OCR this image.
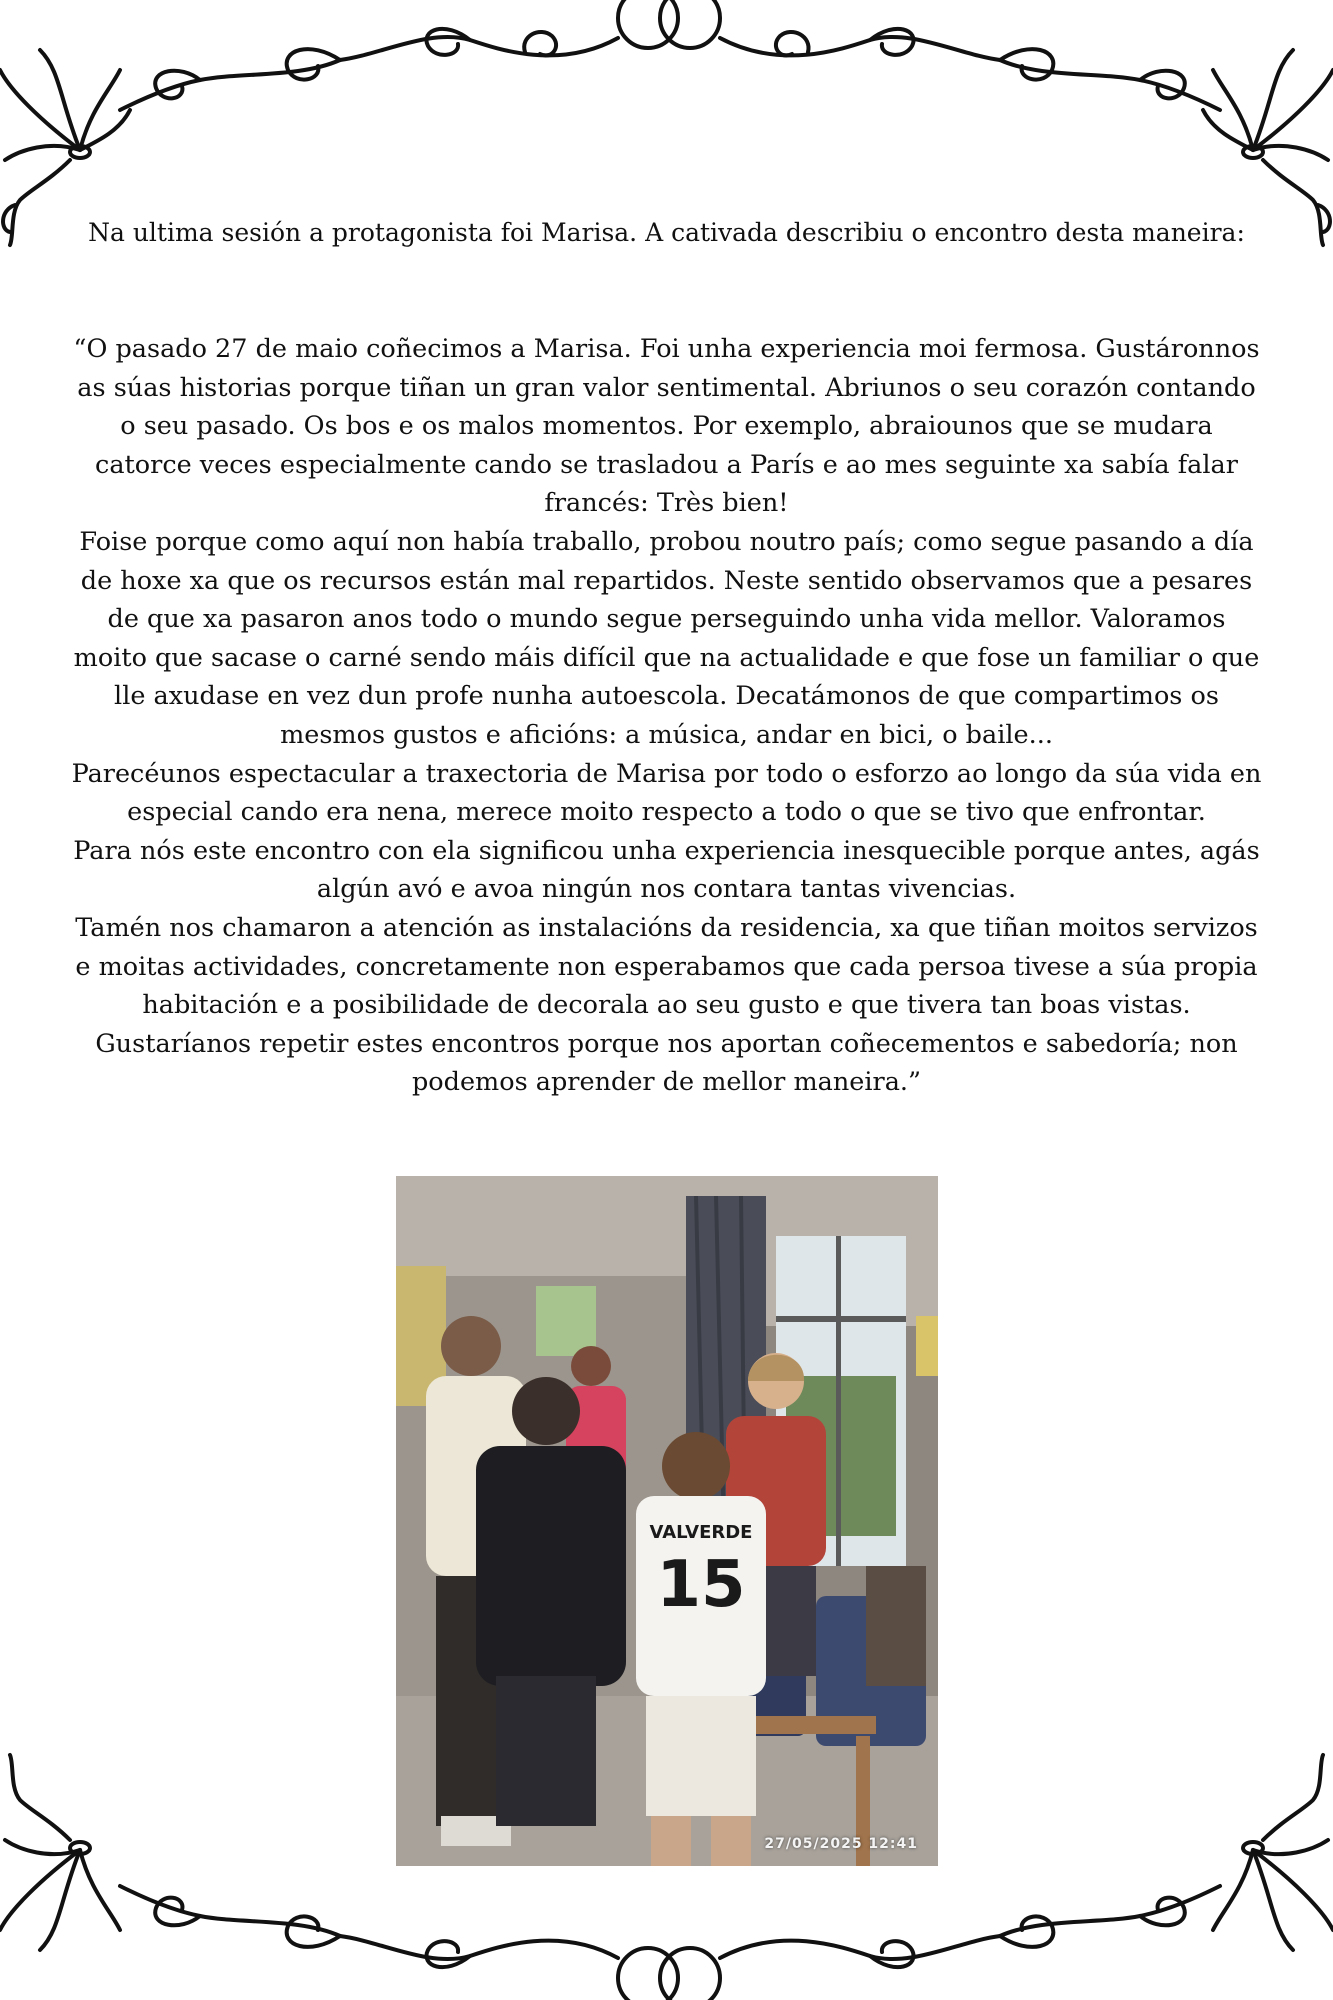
Na ultima sesión a protagonista foi Marisa. A cativada describiu o encontro desta maneira:

“O pasado 27 de maio coñecimos a Marisa. Foi unha experiencia moi fermosa. Gustáronnos as súas historias porque tiñan un gran valor sentimental. Abriunos o seu corazón contando o seu pasado. Os bos e os malos momentos. Por exemplo, abraiounos que se mudara catorce veces especialmente cando se trasladou a París e ao mes seguinte xa sabía falar francés: Très bien!

Foise porque como aquí non había traballo, probou noutro país; como segue pasando a día de hoxe xa que os recursos están mal repartidos. Neste sentido observamos que a pesares de que xa pasaron anos todo o mundo segue perseguindo unha vida mellor. Valoramos moito que sacase o carné sendo máis difícil que na actualidade e que fose un familiar o que lle axudase en vez dun profe nunha autoescola. Decatámonos de que compartimos os mesmos gustos e aficións: a música, andar en bici, o baile...

Parecéunos espectacular a traxectoria de Marisa por todo o esforzo ao longo da súa vida en especial cando era nena, merece moito respecto a todo o que se tivo que enfrontar.

Para nós este encontro con ela significou unha experiencia inesquecible porque antes, agás algún avó e avoa ningún nos contara tantas vivencias.

Tamén nos chamaron a atención as instalacións da residencia, xa que tiñan moitos servizos e moitas actividades, concretamente non esperabamos que cada persoa tivese a súa propia habitación e a posibilidade de decorala ao seu gusto e que tivera tan boas vistas.

Gustaríanos repetir estes encontros porque nos aportan coñecementos e sabedoría; non podemos aprender de mellor maneira.”

VALVERDE
15
27/05/2025 12:41
